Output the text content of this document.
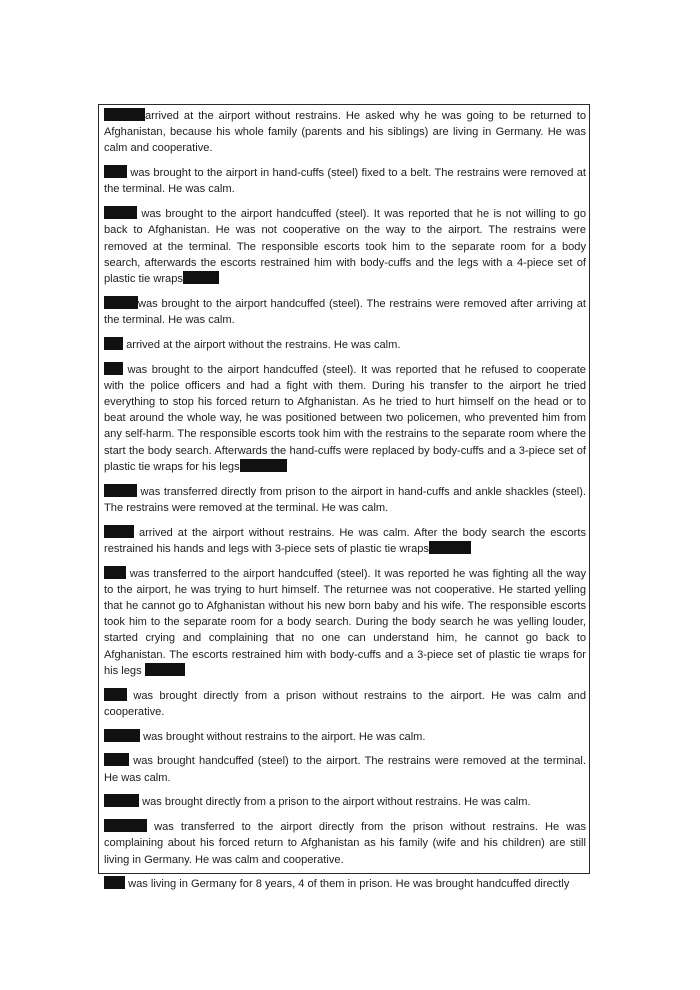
arrived at the airport without restrains. He asked why he was going to be returned to Afghanistan, because his whole family (parents and his siblings) are living in Germany. He was calm and cooperative.

was brought to the airport in hand-cuffs (steel) fixed to a belt. The restrains were removed at the terminal. He was calm.

was brought to the airport handcuffed (steel). It was reported that he is not willing to go back to Afghanistan. He was not cooperative on the way to the airport. The restrains were removed at the terminal. The responsible escorts took him to the separate room for a body search, afterwards the escorts restrained him with body-cuffs and the legs with a 4-piece set of plastic tie wraps

was brought to the airport handcuffed (steel). The restrains were removed after arriving at the terminal. He was calm.

arrived at the airport without the restrains. He was calm.

was brought to the airport handcuffed (steel). It was reported that he refused to cooperate with the police officers and had a fight with them. During his transfer to the airport he tried everything to stop his forced return to Afghanistan. As he tried to hurt himself on the head or to beat around the whole way, he was positioned between two policemen, who prevented him from any self-harm. The responsible escorts took him with the restrains to the separate room where the start the body search. Afterwards the hand-cuffs were replaced by body-cuffs and a 3-piece set of plastic tie wraps for his legs

was transferred directly from prison to the airport in hand-cuffs and ankle shackles (steel). The restrains were removed at the terminal. He was calm.

arrived at the airport without restrains. He was calm. After the body search the escorts restrained his hands and legs with 3-piece sets of plastic tie wraps

was transferred to the airport handcuffed (steel). It was reported he was fighting all the way to the airport, he was trying to hurt himself. The returnee was not cooperative. He started yelling that he cannot go to Afghanistan without his new born baby and his wife. The responsible escorts took him to the separate room for a body search. During the body search he was yelling louder, started crying and complaining that no one can understand him, he cannot go back to Afghanistan. The escorts restrained him with body-cuffs and a 3-piece set of plastic tie wraps for his legs

was brought directly from a prison without restrains to the airport. He was calm and cooperative.

was brought without restrains to the airport. He was calm.

was brought handcuffed (steel) to the airport. The restrains were removed at the terminal. He was calm.

was brought directly from a prison to the airport without restrains. He was calm.

was transferred to the airport directly from the prison without restrains. He was complaining about his forced return to Afghanistan as his family (wife and his children) are still living in Germany. He was calm and cooperative.

was living in Germany for 8 years, 4 of them in prison. He was brought handcuffed directly
